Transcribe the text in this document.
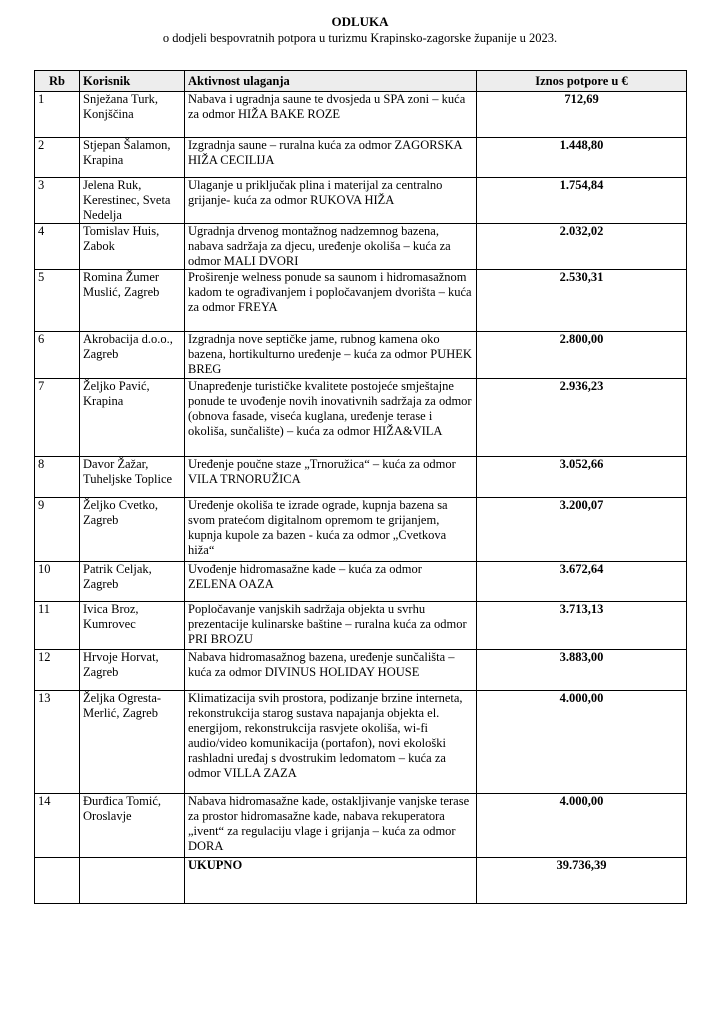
ODLUKA
o dodjeli bespovratnih potpora u turizmu Krapinsko-zagorske županije u 2023.
Rb	Korisnik	Aktivnost ulaganja	Iznos potpore u €
1	Snježana Turk, Konjščina	Nabava i ugradnja saune te dvosjeda u SPA zoni – kuća za odmor HIŽA BAKE ROZE	712,69
2	Stjepan Šalamon, Krapina	Izgradnja saune – ruralna kuća za odmor ZAGORSKA HIŽA CECILIJA	1.448,80
3	Jelena Ruk, Kerestinec, Sveta Nedelja	Ulaganje u priključak plina i materijal za centralno grijanje- kuća za odmor RUKOVA HIŽA	1.754,84
4	Tomislav Huis, Zabok	Ugradnja drvenog montažnog nadzemnog bazena, nabava sadržaja za djecu, uređenje okoliša – kuća za odmor MALI DVORI	2.032,02
5	Romina Žumer Muslić, Zagreb	Proširenje welness ponude sa saunom i hidromasažnom kadom te ograđivanjem i popločavanjem dvorišta – kuća za odmor FREYA	2.530,31
6	Akrobacija d.o.o., Zagreb	Izgradnja nove septičke jame, rubnog kamena oko bazena, hortikulturno uređenje – kuća za odmor PUHEK BREG	2.800,00
7	Željko Pavić, Krapina	Unapređenje turističke kvalitete postojeće smještajne ponude te uvođenje novih inovativnih sadržaja za odmor (obnova fasade, viseća kuglana, uređenje terase i okoliša, sunčalište) – kuća za odmor HIŽA&VILA	2.936,23
8	Davor Žažar, Tuheljske Toplice	Uređenje poučne staze „Trnoružica“ – kuća za odmor VILA TRNORUŽICA	3.052,66
9	Željko Cvetko, Zagreb	Uređenje okoliša te izrade ograde, kupnja bazena sa svom pratećom digitalnom opremom te grijanjem, kupnja kupole za bazen - kuća za odmor „Cvetkova hiža“	3.200,07
10	Patrik Celjak, Zagreb	Uvođenje hidromasažne kade – kuća za odmor ZELENA OAZA	3.672,64
11	Ivica Broz, Kumrovec	Popločavanje vanjskih sadržaja objekta u svrhu prezentacije kulinarske baštine – ruralna kuća za odmor PRI BROZU	3.713,13
12	Hrvoje Horvat, Zagreb	Nabava hidromasažnog bazena, uređenje sunčališta – kuća za odmor DIVINUS HOLIDAY HOUSE	3.883,00
13	Željka Ogresta-Merlić, Zagreb	Klimatizacija svih prostora, podizanje brzine interneta, rekonstrukcija starog sustava napajanja objekta el. energijom, rekonstrukcija rasvjete okoliša, wi-fi audio/video komunikacija (portafon), novi ekološki rashladni uređaj s dvostrukim ledomatom – kuća za odmor VILLA ZAZA	4.000,00
14	Đurđica Tomić, Oroslavje	Nabava hidromasažne kade, ostakljivanje vanjske terase za prostor hidromasažne kade, nabava rekuperatora „ivent“ za regulaciju vlage i grijanja – kuća za odmor DORA	4.000,00
		UKUPNO	39.736,39
